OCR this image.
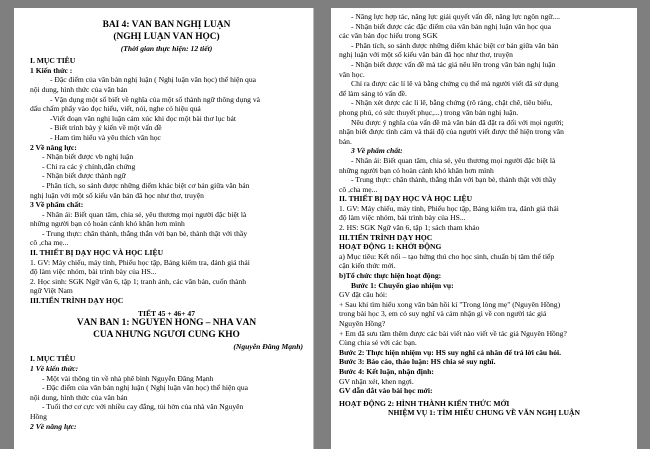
BÀI 4: VĂN BẢN NGHỊ LUẬN
(NGHỊ LUẬN VĂN HỌC)
(Thời gian thực hiện: 12 tiết)
I. MỤC TIÊU
1 Kiến thức :
- Đặc điểm của văn bản nghị luận ( Nghị luận văn học) thể hiện qua
nội dung, hình thức của văn bản
- Vận dụng một số biết về nghĩa của một số thành ngữ thông dụng và
dấu chấm phẩy vào đọc hiểu, viết, nói, nghe có hiệu quả
-Viết đoạn văn nghị luận cảm xúc khi đọc một bài thơ lục bát
- Biết trình bày ý kiến về một vấn đề
- Ham tìm hiểu và yêu thích văn học
2 Về năng lực:
- Nhận biết được vb nghị luận
- Chỉ ra các ý chính,dẫn chứng
- Nhận biết được thành ngữ
- Phân tích, so sánh được những điểm khác biệt cơ bản giữa văn bản
nghị luận với một số kiểu văn bản đã học như thơ, truyện
3 Về phẩm chất:
- Nhân ái: Biết quan tâm, chia sẻ, yêu thương mọi người đặc biệt là
những người bạn có hoàn cảnh khó khăn hơn mình
- Trung thực: chân thành, thẳng thắn với bạn bè, thành thật với thầy
cô ,cha mẹ...
II. THIẾT BỊ DẠY HỌC VÀ HỌC LIỆU
1. GV: Máy chiếu, máy tính, Phiếu học tập, Bảng kiểm tra, đánh giá thái
độ làm việc nhóm, bài trình bày của HS...
2. Học sinh: SGK Ngữ văn 6, tập 1; tranh ảnh, các văn bản, cuốn thành
ngữ Việt Nam
III.TIẾN TRÌNH DẠY HỌC
TIẾT 45 + 46+ 47
VĂN BẢN 1: NGUYÊN HỒNG – NHÀ VĂN
CỦA NHỮNG NGƯỜI CÙNG KHỔ
(Nguyễn Đăng Mạnh)
I. MỤC TIÊU
1 Về kiến thức:
- Một vài thông tin về nhà phê bình Nguyễn Đăng Mạnh
- Đặc điểm của văn bản nghị luận ( Nghị luận văn học) thể hiện qua
nội dung, hình thức của văn bản
- Tuổi thơ cơ cực với nhiều cay đắng, tủi hờn của nhà văn Nguyên
Hồng
2 Về năng lực:
- Năng lực hợp tác, năng lực giải quyết vấn đề, năng lực ngôn ngữ....
- Nhận biết được các đặc điểm của văn bản nghị luận văn học qua
các văn bản đọc hiểu trong SGK
- Phân tích, so sánh được những điểm khác biệt cơ bản giữa văn bản
nghị luận với một số kiểu văn bản đã học như thơ, truyện
- Nhận biết được vấn đề mà tác giả nêu lên trong văn bản nghị luận
văn học.
Chỉ ra được các lí lẽ và bằng chứng cụ thể mà người viết đã sử dụng
để làm sáng tỏ vấn đề.
- Nhận xét được các lí lẽ, bằng chứng (rõ ràng, chặt chẽ, tiêu biểu,
phong phú, có sức thuyết phục,...) trong văn bản nghị luận.
Nêu được ý nghĩa của vấn đề mà văn bản đã đặt ra đối với mọi người;
nhận biết được tình cảm và thái độ của người viết được thể hiện trong văn
bản.
3 Về phẩm chất:
- Nhân ái: Biết quan tâm, chia sẻ, yêu thương mọi người đặc biệt là
những người bạn có hoàn cảnh khó khăn hơn mình
- Trung thực: chân thành, thẳng thắn với bạn bè, thành thật với thầy
cô ,cha mẹ...
II. THIẾT BỊ DẠY HỌC VÀ HỌC LIỆU
1. GV: Máy chiếu, máy tính, Phiếu học tập, Bảng kiểm tra, đánh giá thái
độ làm việc nhóm, bài trình bày của HS...
2. HS: SGK Ngữ văn 6, tập 1; sách tham khảo
III.TIẾN TRÌNH DẠY HỌC
HOẠT ĐỘNG 1: KHỞI ĐỘNG
a) Mục tiêu: Kết nối – tạo hứng thú cho học sinh, chuẩn bị tâm thế tiếp
cận kiến thức mới.
b)Tổ chức thực hiện hoạt động:
Bước 1: Chuyển giao nhiệm vụ:
GV đặt câu hỏi:
+ Sau khi tìm hiểu xong văn bản hồi kí "Trong lòng mẹ" (Nguyên Hồng)
trong bài học 3, em có suy nghĩ và cảm nhận gì về con người tác giả
Nguyên Hồng?
+ Em đã sưu tầm thêm được các bài viết nào viết về tác giả Nguyên Hồng?
Cùng chia sẻ với các bạn.
Bước 2: Thực hiện nhiệm vụ: HS suy nghĩ cá nhân để trả lời câu hỏi.
Bước 3: Báo cáo, thảo luận: HS chia sẻ suy nghĩ.
Bước 4: Kết luận, nhận định:
GV nhận xét, khen ngợi.
GV dẫn dắt vào bài học mới:
HOẠT ĐỘNG 2: HÌNH THÀNH KIẾN THỨC MỚI
NHIỆM VỤ 1: TÌM HIỂU CHUNG VỀ VĂN NGHỊ LUẬN
